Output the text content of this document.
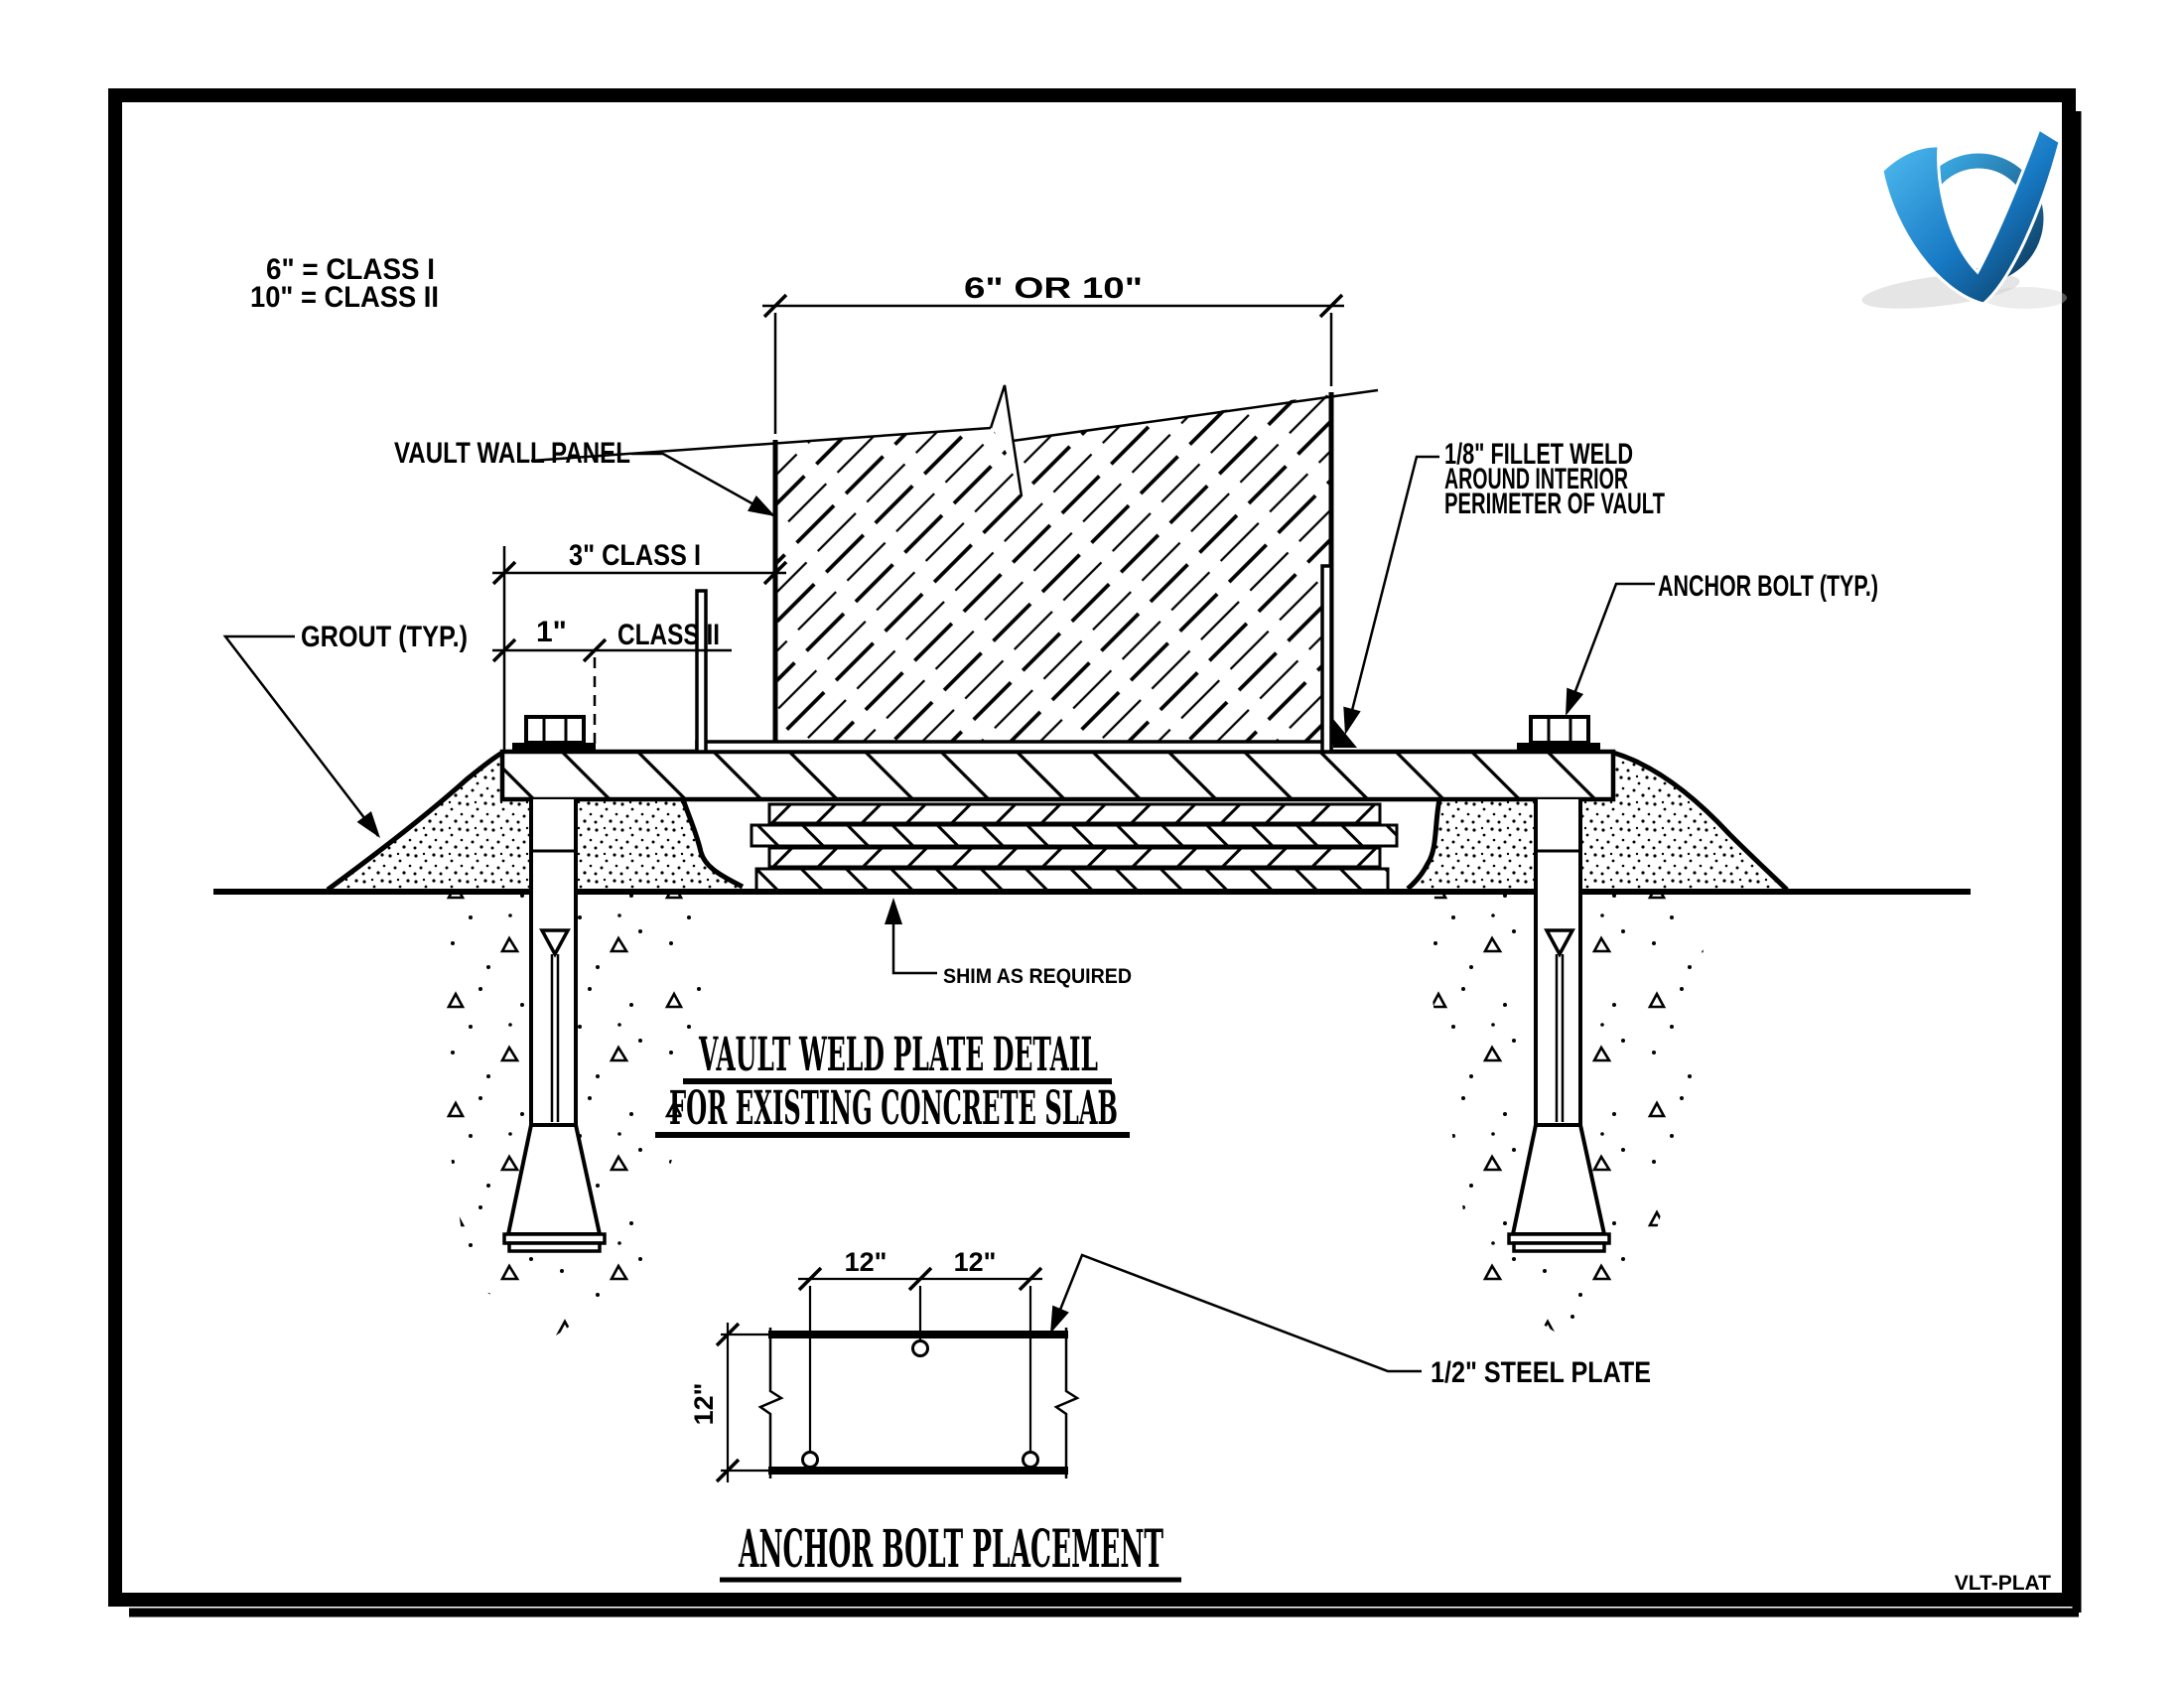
6" = CLASS I
10" = CLASS II	6" OR 10"
VAULT WALL PANEL
3" CLASS I
1" CLASS II
GROUT (TYP.)
1/8" FILLET WELD
AROUND INTERIOR
PERIMETER OF VAULT
ANCHOR BOLT (TYP.)
SHIM AS REQUIRED
VAULT WELD PLATE DETAIL
FOR EXISTING CONCRETE SLAB
12" 12"
12"
1/2" STEEL PLATE
ANCHOR BOLT PLACEMENT
VLT-PLAT
